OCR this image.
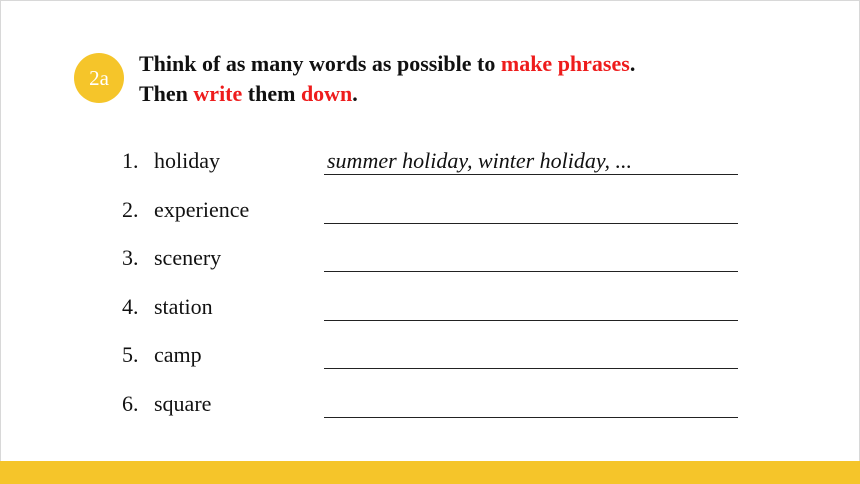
2a
Think of as many words as possible to make phrases.
Then write them down.
1. holiday	summer holiday, winter holiday, ...
2. experience
3. scenery
4. station
5. camp
6. square
